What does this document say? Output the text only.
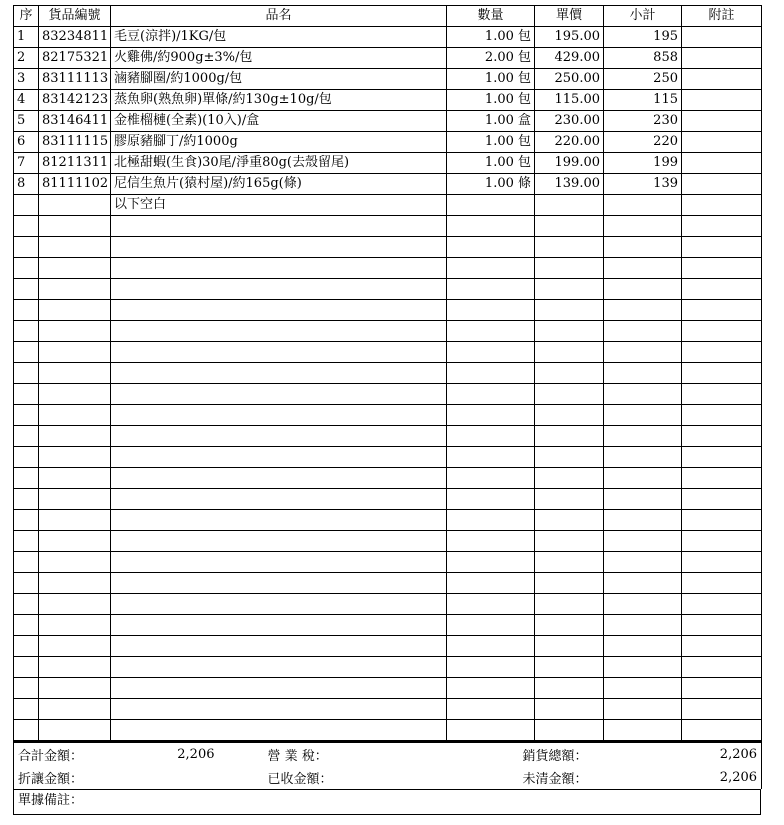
序	貨品編號	品名	數量	單價	小計	附註
1	83234811	毛豆(涼拌)/1KG/包	1.00 包	195.00	195	
2	82175321	火雞佛/約900g±3%/包	2.00 包	429.00	858	
3	83111113	滷豬腳圈/約1000g/包	1.00 包	250.00	250	
4	83142123	蒸魚卵(熟魚卵)單條/約130g±10g/包	1.00 包	115.00	115	
5	83146411	金椎榴槤(全素)(10入)/盒	1.00 盒	230.00	230	
6	83111115	膠原豬腳丁/約1000g	1.00 包	220.00	220	
7	81211311	北極甜蝦(生食)30尾/淨重80g(去殼留尾)	1.00 包	199.00	199	
8	81111102	尼信生魚片(猿村屋)/約165g(條)	1.00 條	139.00	139	
		以下空白				

合計金額：	2,206		營 業 稅：		銷貨總額：	2,206
折讓金額：			已收金額：		未清金額：	2,206
單據備註：
